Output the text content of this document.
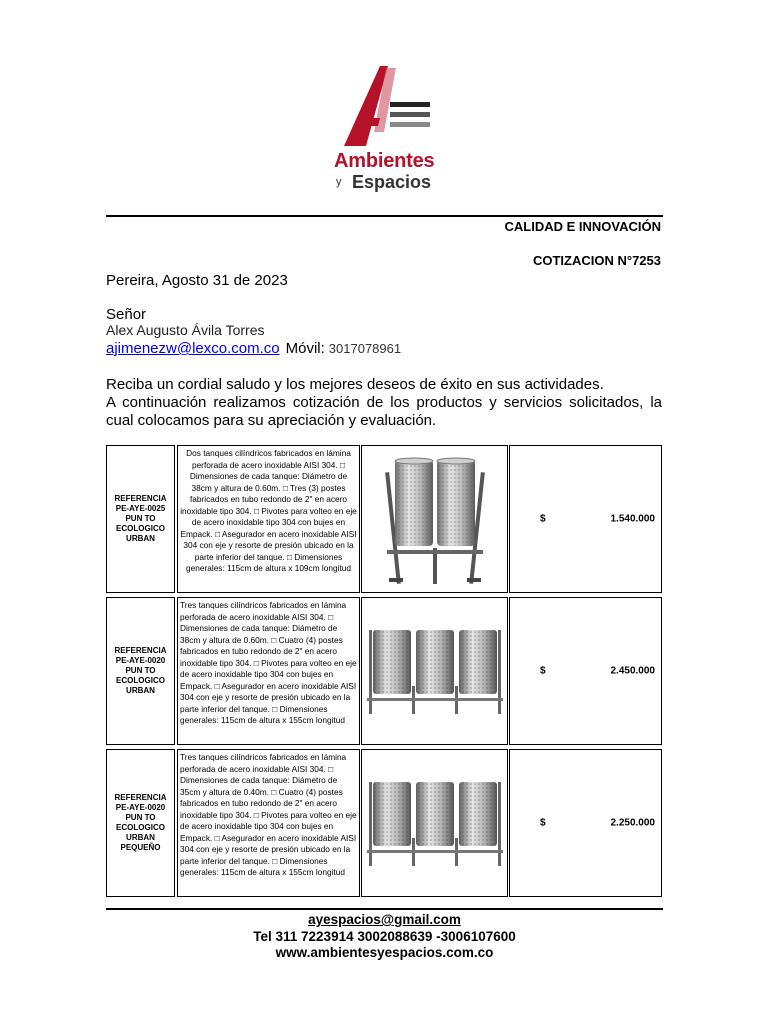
Ambientes
y Espacios
CALIDAD E INNOVACIÓN
COTIZACION N°7253
Pereira, Agosto 31 de 2023
Señor
Alex Augusto Ávila Torres
ajimenezw@lexco.com.co Móvil: 3017078961
Reciba un cordial saludo y los mejores deseos de éxito en sus actividades.
A continuación realizamos cotización de los productos y servicios solicitados, la cual colocamos para su apreciación y evaluación.
REFERENCIA PE-AYE-0025 PUN TO ECOLOGICO URBAN
Dos tanques cilíndricos fabricados en lámina perforada de acero inoxidable AISI 304. □ Dimensiones de cada tanque: Diámetro de 38cm y altura de 0.60m. □ Tres (3) postes fabricados en tubo redondo de 2" en acero inoxidable tipo 304. □ Pivotes para volteo en eje de acero inoxidable tipo 304 con bujes en Empack. □ Asegurador en acero inoxidable AISI 304 con eje y resorte de presión ubicado en la parte inferior del tanque. □ Dimensiones generales: 115cm de altura x 109cm longitud
$	1.540.000
REFERENCIA PE-AYE-0020 PUN TO ECOLOGICO URBAN
Tres tanques cilíndricos fabricados en lámina perforada de acero inoxidable AISI 304. □ Dimensiones de cada tanque: Diámetro de 38cm y altura de 0.60m. □ Cuatro (4) postes fabricados en tubo redondo de 2" en acero inoxidable tipo 304. □ Pivotes para volteo en eje de acero inoxidable tipo 304 con bujes en Empack. □ Asegurador en acero inoxidable AISI 304 con eje y resorte de presión ubicado en la parte inferior del tanque. □ Dimensiones generales: 115cm de altura x 155cm longitud
$	2.450.000
REFERENCIA PE-AYE-0020 PUN TO ECOLOGICO URBAN PEQUEÑO
Tres tanques cilíndricos fabricados en lámina perforada de acero inoxidable AISI 304. □ Dimensiones de cada tanque: Diámetro de 35cm y altura de 0.40m. □ Cuatro (4) postes fabricados en tubo redondo de 2" en acero inoxidable tipo 304. □ Pivotes para volteo en eje de acero inoxidable tipo 304 con bujes en Empack. □ Asegurador en acero inoxidable AISI 304 con eje y resorte de presión ubicado en la parte inferior del tanque. □ Dimensiones generales: 115cm de altura x 155cm longitud
$	2.250.000
ayespacios@gmail.com
Tel 311 7223914 3002088639 -3006107600
www.ambientesyespacios.com.co
